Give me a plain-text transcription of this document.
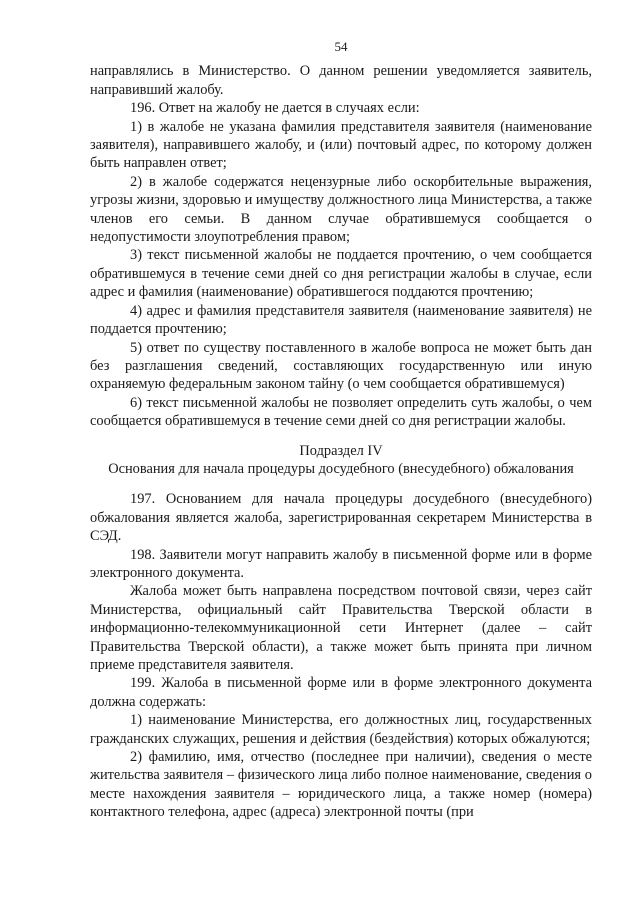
54

направлялись в Министерство. О данном решении уведомляется заявитель, направивший жалобу.

196. Ответ на жалобу не дается в случаях если:

1) в жалобе не указана фамилия представителя заявителя (наименование заявителя), направившего жалобу, и (или) почтовый адрес, по которому должен быть направлен ответ;

2) в жалобе содержатся нецензурные либо оскорбительные выражения, угрозы жизни, здоровью и имуществу должностного лица Министерства, а также членов его семьи. В данном случае обратившемуся сообщается о недопустимости злоупотребления правом;

3) текст письменной жалобы не поддается прочтению, о чем сообщается обратившемуся в течение семи дней со дня регистрации жалобы в случае, если адрес и фамилия (наименование) обратившегося поддаются прочтению;

4) адрес и фамилия представителя заявителя (наименование заявителя) не поддается прочтению;

5) ответ по существу поставленного в жалобе вопроса не может быть дан без разглашения сведений, составляющих государственную или иную охраняемую федеральным законом тайну (о чем сообщается обратившемуся)

6) текст письменной жалобы не позволяет определить суть жалобы, о чем сообщается обратившемуся в течение семи дней со дня регистрации жалобы.

Подраздел IV

Основания для начала процедуры досудебного (внесудебного) обжалования

197. Основанием для начала процедуры досудебного (внесудебного) обжалования является жалоба, зарегистрированная секретарем Министерства в СЭД.

198. Заявители могут направить жалобу в письменной форме или в форме электронного документа.

Жалоба может быть направлена посредством почтовой связи, через сайт Министерства, официальный сайт Правительства Тверской области в информационно-телекоммуникационной сети Интернет (далее – сайт Правительства Тверской области), а также может быть принята при личном приеме представителя заявителя.

199. Жалоба в письменной форме или в форме электронного документа должна содержать:

1) наименование Министерства, его должностных лиц, государственных гражданских служащих, решения и действия (бездействия) которых обжалуются;

2) фамилию, имя, отчество (последнее при наличии), сведения о месте жительства заявителя – физического лица либо полное наименование, сведения о месте нахождения заявителя – юридического лица, а также номер (номера) контактного телефона, адрес (адреса) электронной почты (при
